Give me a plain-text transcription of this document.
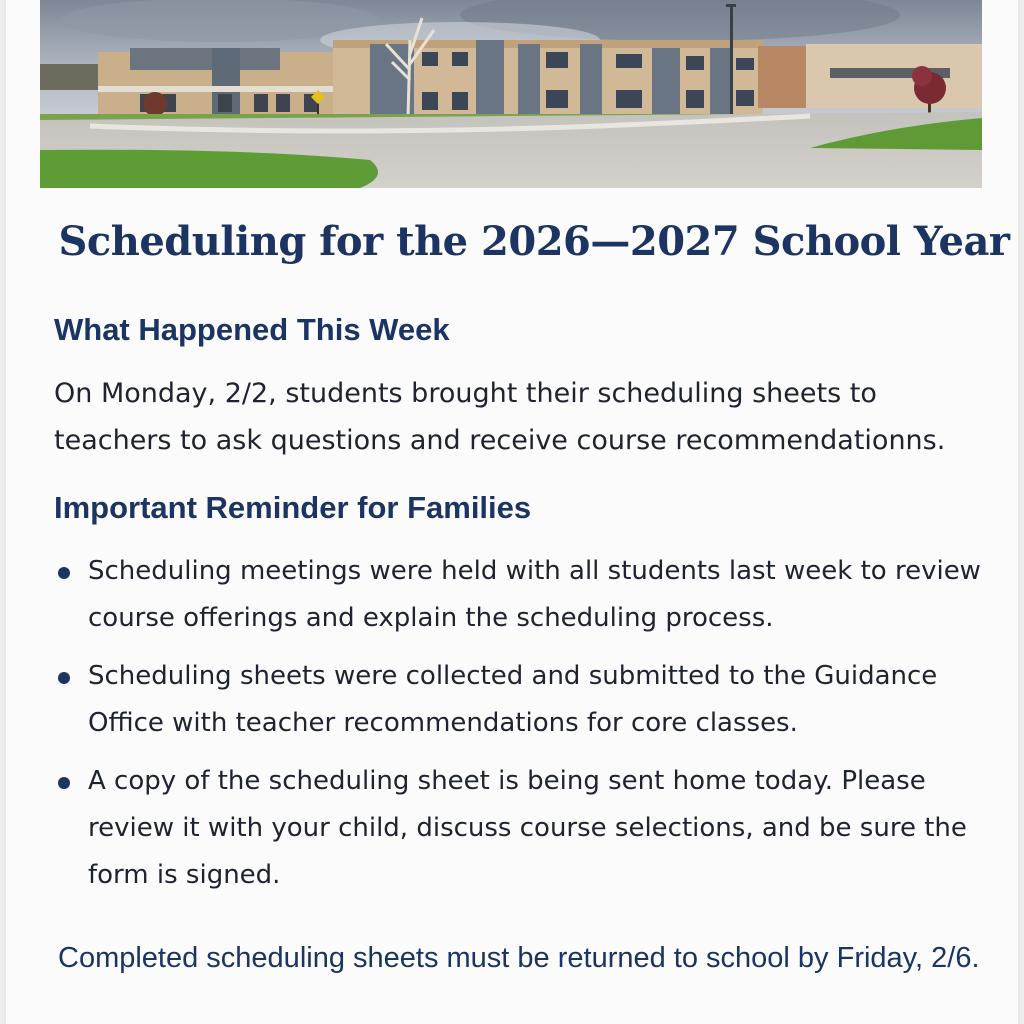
Scheduling for the 2026—2027 School Year
What Happened This Week

On Monday, 2/2, students brought their scheduling sheets to teachers to ask questions and receive course recommendationns.

Important Reminder for Families
Scheduling meetings were held with all students last week to review course offerings and explain the scheduling process.
Scheduling sheets were collected and submitted to the Guidance Office with teacher recommendations for core classes.
A copy of the scheduling sheet is being sent home today. Please review it with your child, discuss course selections, and be sure the form is signed.

Completed scheduling sheets must be returned to school by Friday, 2/6.
